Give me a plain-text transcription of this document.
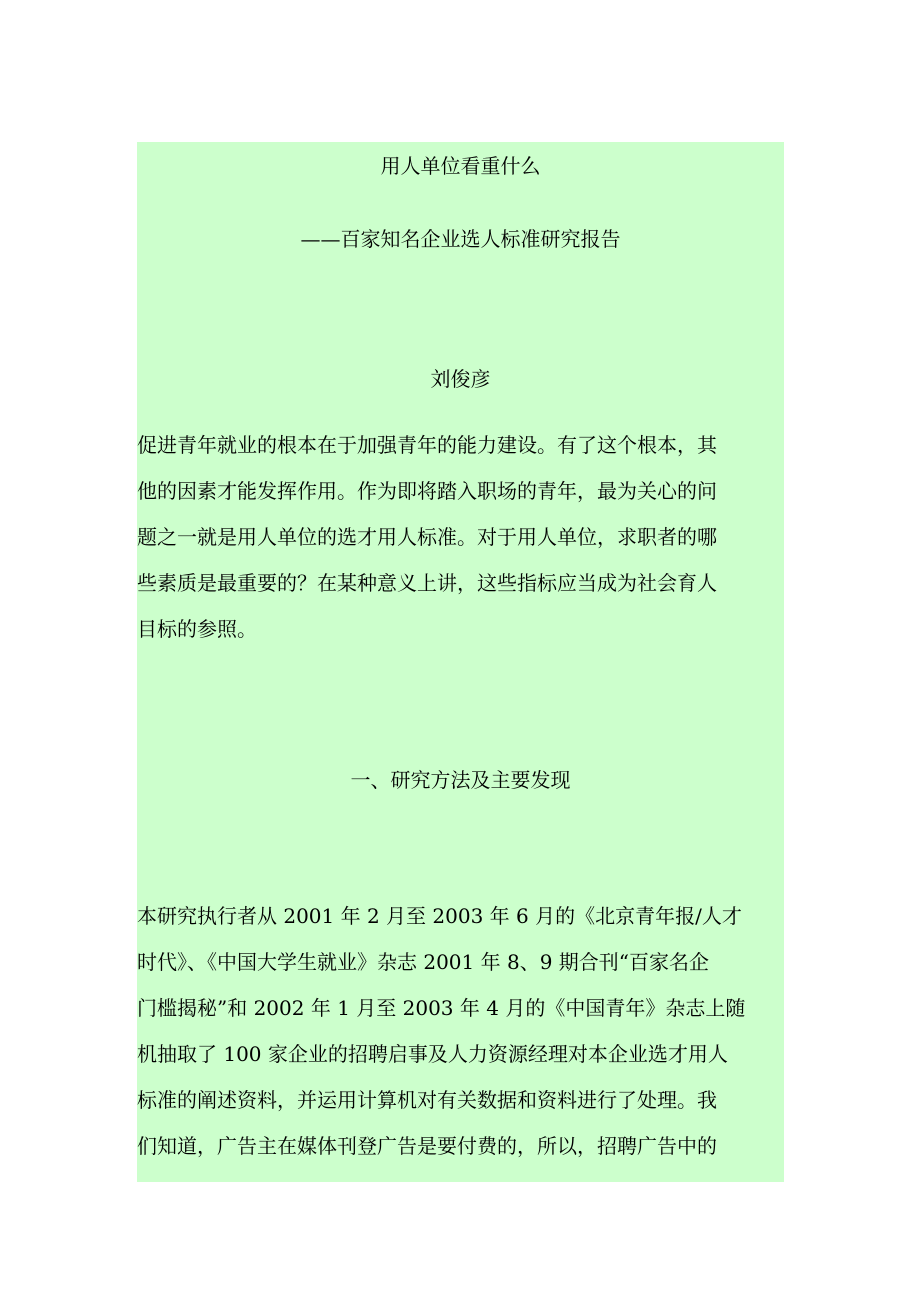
用人单位看重什么
——百家知名企业选人标准研究报告
刘俊彦
促进青年就业的根本在于加强青年的能力建设。有了这个根本，其
他的因素才能发挥作用。作为即将踏入职场的青年，最为关心的问
题之一就是用人单位的选才用人标准。对于用人单位，求职者的哪
些素质是最重要的？在某种意义上讲，这些指标应当成为社会育人
目标的参照。
一、研究方法及主要发现
本研究执行者从 2001 年 2 月至 2003 年 6 月的《北京青年报/人才
时代》、《中国大学生就业》杂志 2001 年 8、9 期合刊“百家名企
门槛揭秘”和 2002 年 1 月至 2003 年 4 月的《中国青年》杂志上随
机抽取了 100 家企业的招聘启事及人力资源经理对本企业选才用人
标准的阐述资料，并运用计算机对有关数据和资料进行了处理。我
们知道，广告主在媒体刊登广告是要付费的，所以，招聘广告中的
